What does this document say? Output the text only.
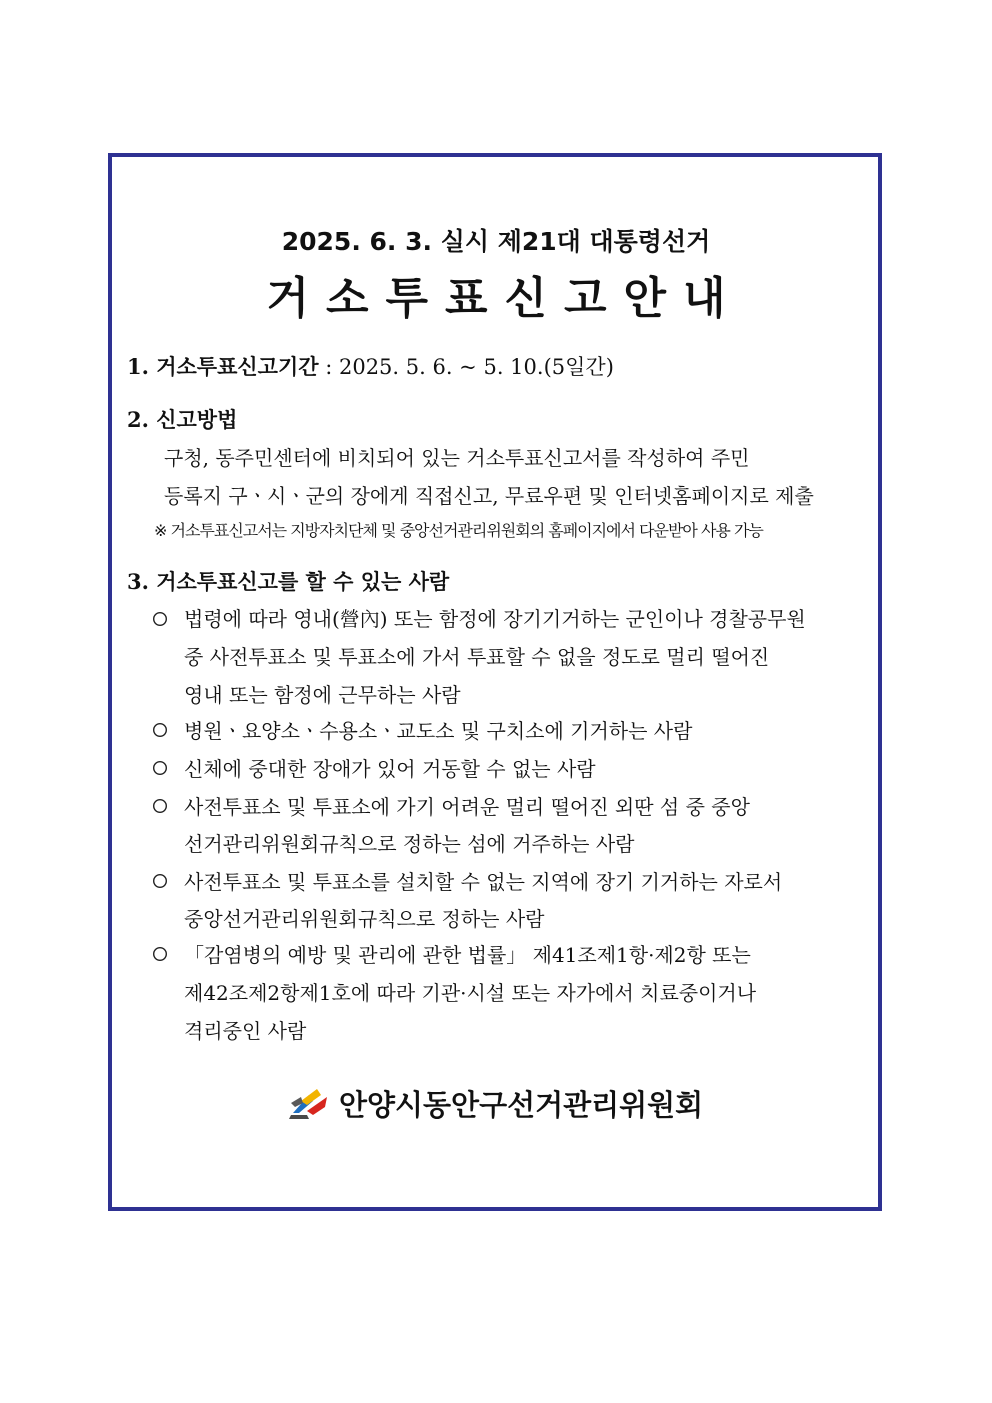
2025. 6. 3. 실시 제21대 대통령선거
거소투표신고안내
1. 거소투표신고기간 : 2025. 5. 6. ~ 5. 10.(5일간)
2. 신고방법
구청, 동주민센터에 비치되어 있는 거소투표신고서를 작성하여 주민
등록지 구ㆍ시ㆍ군의 장에게 직접신고, 무료우편 및 인터넷홈페이지로 제출
※ 거소투표신고서는 지방자치단체 및 중앙선거관리위원회의 홈페이지에서 다운받아 사용 가능
3. 거소투표신고를 할 수 있는 사람
법령에 따라 영내(營內) 또는 함정에 장기기거하는 군인이나 경찰공무원
중 사전투표소 및 투표소에 가서 투표할 수 없을 정도로 멀리 떨어진
영내 또는 함정에 근무하는 사람
병원ㆍ요양소ㆍ수용소ㆍ교도소 및 구치소에 기거하는 사람
신체에 중대한 장애가 있어 거동할 수 없는 사람
사전투표소 및 투표소에 가기 어려운 멀리 떨어진 외딴 섬 중 중앙
선거관리위원회규칙으로 정하는 섬에 거주하는 사람
사전투표소 및 투표소를 설치할 수 없는 지역에 장기 기거하는 자로서
중앙선거관리위원회규칙으로 정하는 사람
「감염병의 예방 및 관리에 관한 법률」 제41조제1항·제2항 또는
제42조제2항제1호에 따라 기관·시설 또는 자가에서 치료중이거나
격리중인 사람
안양시동안구선거관리위원회
